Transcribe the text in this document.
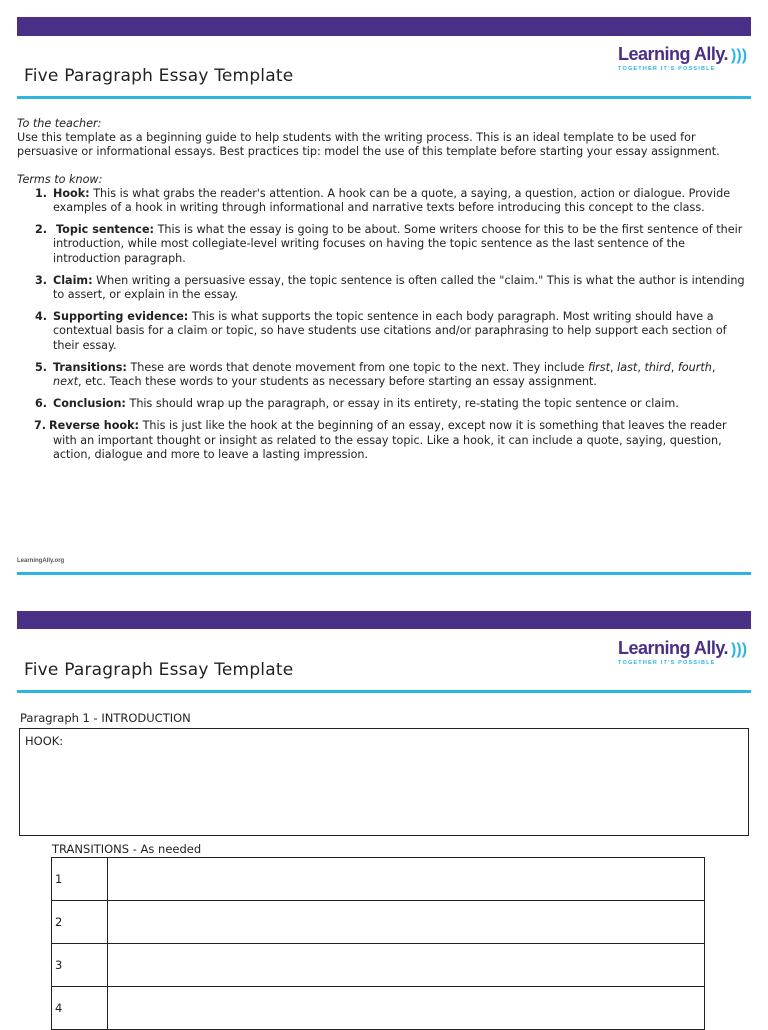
Five Paragraph Essay Template
Learning Ally. )))
TOGETHER IT'S POSSIBLE

To the teacher:

Use this template as a beginning guide to help students with the writing process. This is an ideal template to be used for persuasive or informational essays. Best practices tip: model the use of this template before starting your essay assignment.

Terms to know:

1. Hook: This is what grabs the reader's attention. A hook can be a quote, a saying, a question, action or dialogue. Provide examples of a hook in writing through informational and narrative texts before introducing this concept to the class.
2. Topic sentence: This is what the essay is going to be about. Some writers choose for this to be the first sentence of their introduction, while most collegiate-level writing focuses on having the topic sentence as the last sentence of the introduction paragraph.
3. Claim: When writing a persuasive essay, the topic sentence is often called the "claim." This is what the author is intending to assert, or explain in the essay.
4. Supporting evidence: This is what supports the topic sentence in each body paragraph. Most writing should have a contextual basis for a claim or topic, so have students use citations and/or paraphrasing to help support each section of their essay.
5. Transitions: These are words that denote movement from one topic to the next. They include first, last, third, fourth, next, etc. Teach these words to your students as necessary before starting an essay assignment.
6. Conclusion: This should wrap up the paragraph, or essay in its entirety, re-stating the topic sentence or claim.
7. Reverse hook: This is just like the hook at the beginning of an essay, except now it is something that leaves the reader with an important thought or insight as related to the essay topic. Like a hook, it can include a quote, saying, question, action, dialogue and more to leave a lasting impression.
LearningAlly.org
Five Paragraph Essay Template
Learning Ally. )))
TOGETHER IT'S POSSIBLE
Paragraph 1 - INTRODUCTION
HOOK:
TRANSITIONS - As needed
1	
2	
3	
4	
